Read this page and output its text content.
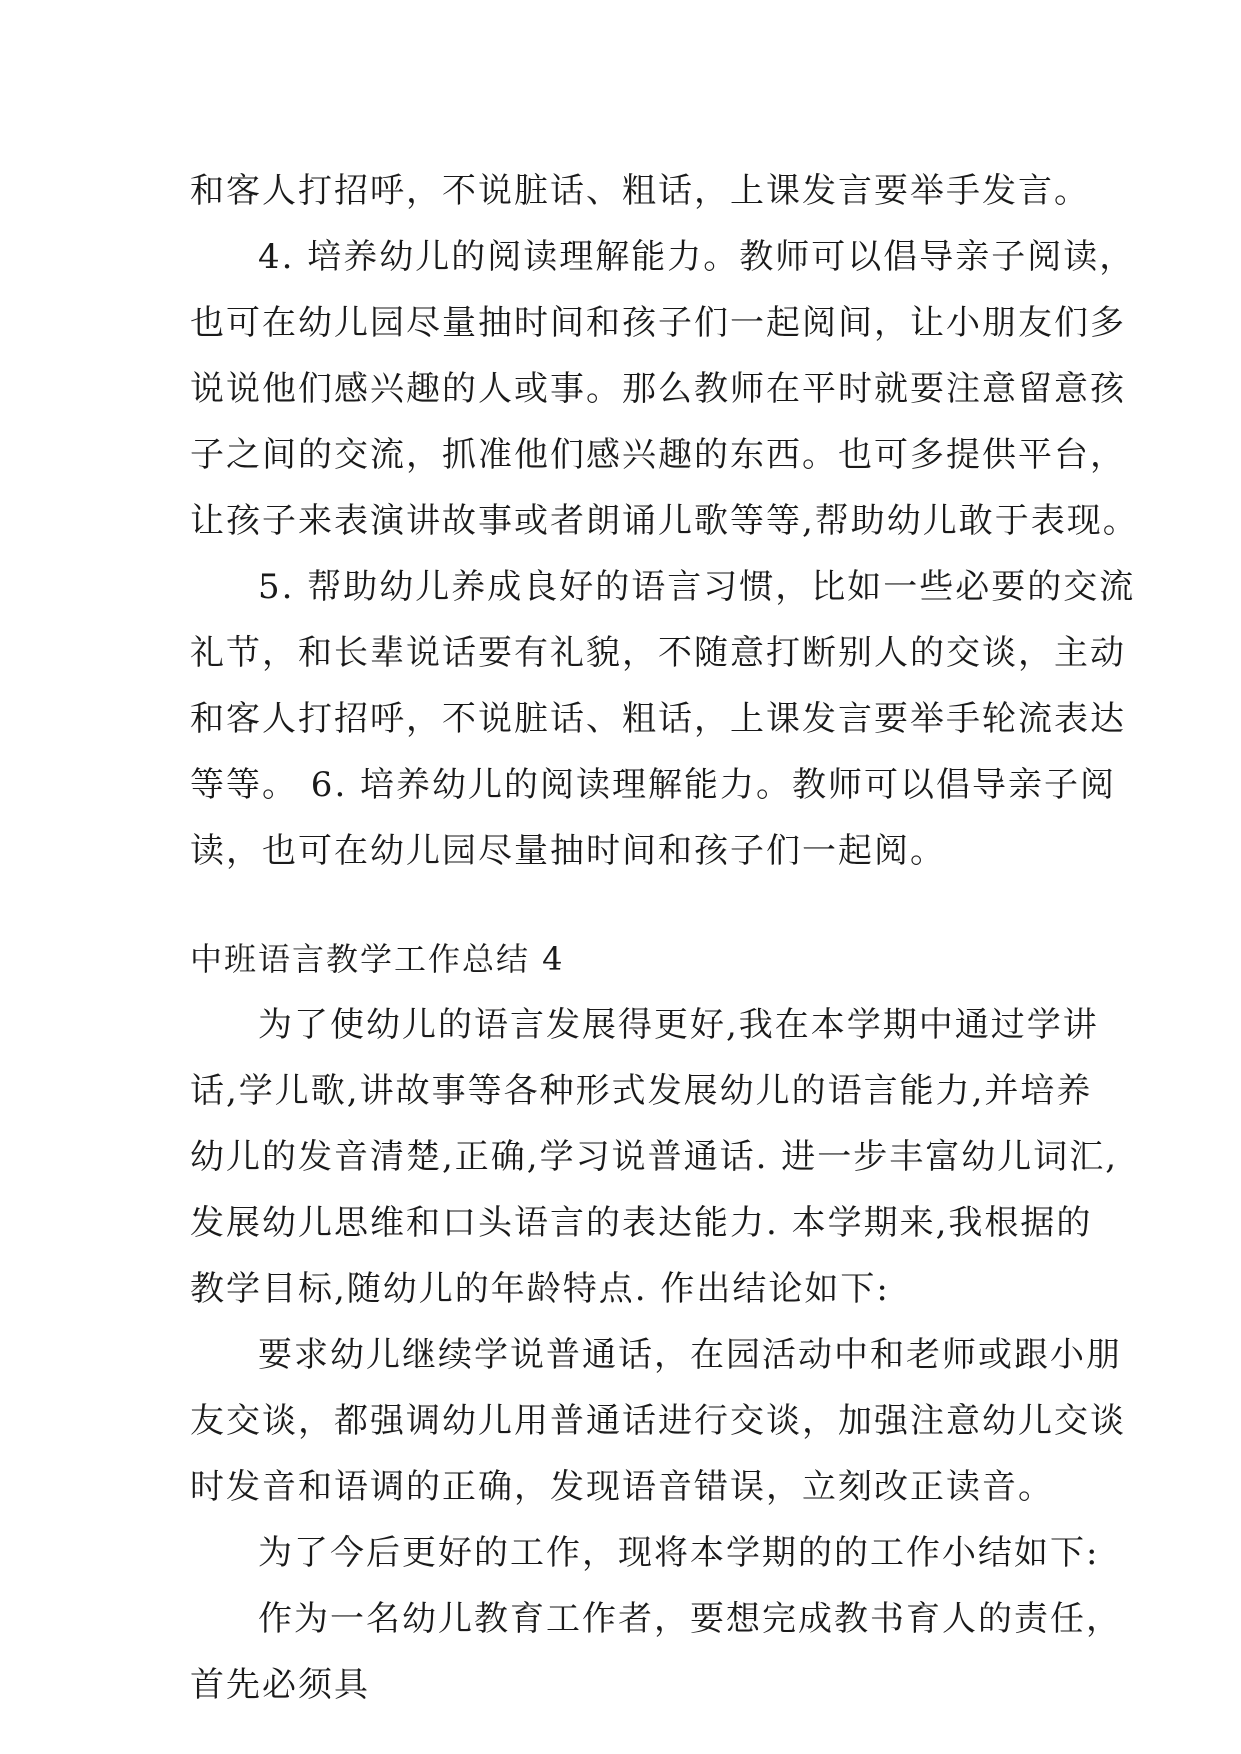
和客人打招呼，不说脏话、粗话，上课发言要举手发言。
4. 培养幼儿的阅读理解能力。教师可以倡导亲子阅读，
也可在幼儿园尽量抽时间和孩子们一起阅间，让小朋友们多
说说他们感兴趣的人或事。那么教师在平时就要注意留意孩
子之间的交流，抓准他们感兴趣的东西。也可多提供平台，
让孩子来表演讲故事或者朗诵儿歌等等,帮助幼儿敢于表现。
5. 帮助幼儿养成良好的语言习惯，比如一些必要的交流
礼节，和长辈说话要有礼貌，不随意打断别人的交谈，主动
和客人打招呼，不说脏话、粗话，上课发言要举手轮流表达
等等。 6. 培养幼儿的阅读理解能力。教师可以倡导亲子阅
读，也可在幼儿园尽量抽时间和孩子们一起阅。
中班语言教学工作总结 4
为了使幼儿的语言发展得更好,我在本学期中通过学讲
话,学儿歌,讲故事等各种形式发展幼儿的语言能力,并培养
幼儿的发音清楚,正确,学习说普通话. 进一步丰富幼儿词汇,
发展幼儿思维和口头语言的表达能力. 本学期来,我根据的
教学目标,随幼儿的年龄特点. 作出结论如下:
要求幼儿继续学说普通话，在园活动中和老师或跟小朋
友交谈，都强调幼儿用普通话进行交谈，加强注意幼儿交谈
时发音和语调的正确，发现语音错误，立刻改正读音。
为了今后更好的工作，现将本学期的的工作小结如下:
作为一名幼儿教育工作者，要想完成教书育人的责任，
首先必须具
